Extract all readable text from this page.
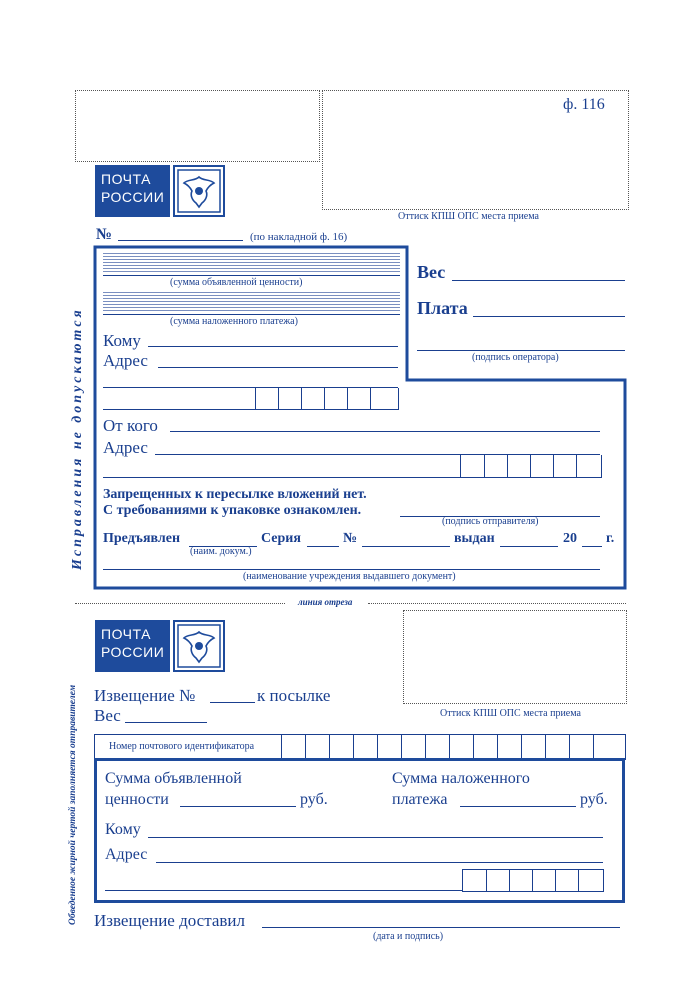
ф. 116
Оттиск КПШ ОПС места приема
ПОЧТА
РОССИИ
№	(по накладной ф. 16)
(сумма объявленной ценности)
(сумма наложенного платежа)
Кому
Адрес
Вес
Плата
(подпись оператора)
От кого
Адрес
Запрещенных к пересылке вложений нет.
С требованиями к упаковке ознакомлен.
(подпись отправителя)
Предъявлен
(наим. докум.)
Серия	№	выдан	20 г.
(наименование учреждения выдавшего документ)
Исправления не допускаются
линия отреза
Оттиск КПШ ОПС места приема
ПОЧТА
РОССИИ
Извещение №	к посылке
Вес
Номер почтового идентификатора
Сумма объявленной
ценности	руб.
Сумма наложенного
платежа	руб.
Кому
Адрес
Извещение доставил
(дата и подпись)
Обведенное жирной чертой заполняется отправителем
